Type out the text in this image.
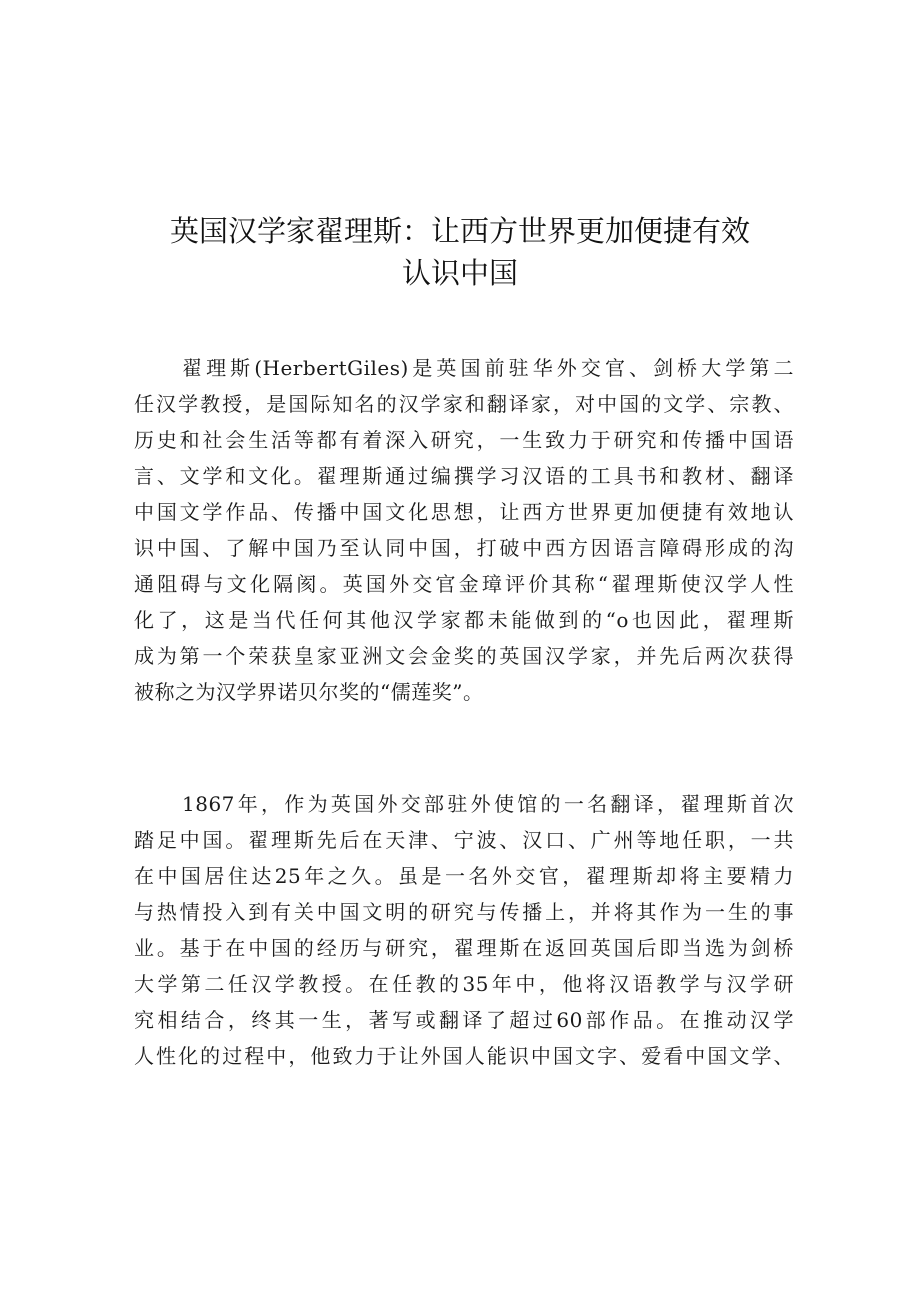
英国汉学家翟理斯：让西方世界更加便捷有效
认识中国
翟理斯(HerbertGiles)是英国前驻华外交官、剑桥大学第二
任汉学教授，是国际知名的汉学家和翻译家，对中国的文学、宗教、
历史和社会生活等都有着深入研究，一生致力于研究和传播中国语
言、文学和文化。翟理斯通过编撰学习汉语的工具书和教材、翻译
中国文学作品、传播中国文化思想，让西方世界更加便捷有效地认
识中国、了解中国乃至认同中国，打破中西方因语言障碍形成的沟
通阻碍与文化隔阂。英国外交官金璋评价其称“翟理斯使汉学人性
化了，这是当代任何其他汉学家都未能做到的“o也因此，翟理斯
成为第一个荣获皇家亚洲文会金奖的英国汉学家，并先后两次获得
被称之为汉学界诺贝尔奖的“儒莲奖”。
1867年，作为英国外交部驻外使馆的一名翻译，翟理斯首次
踏足中国。翟理斯先后在天津、宁波、汉口、广州等地任职，一共
在中国居住达25年之久。虽是一名外交官，翟理斯却将主要精力
与热情投入到有关中国文明的研究与传播上，并将其作为一生的事
业。基于在中国的经历与研究，翟理斯在返回英国后即当选为剑桥
大学第二任汉学教授。在任教的35年中，他将汉语教学与汉学研
究相结合，终其一生，著写或翻译了超过60部作品。在推动汉学
人性化的过程中，他致力于让外国人能识中国文字、爱看中国文学、
